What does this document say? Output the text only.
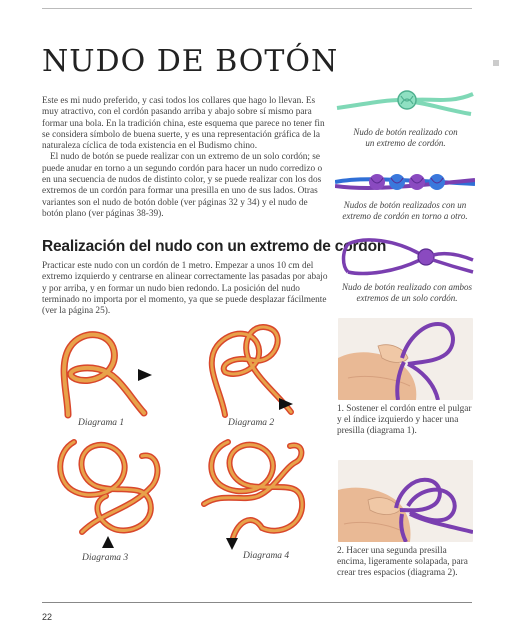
NUDO DE BOTÓN

Este es mi nudo preferido, y casi todos los collares que hago lo llevan. Es muy atractivo, con el cordón pasando arriba y abajo sobre sí mismo para formar una bola. En la tradición china, este esquema que parece no tener fin se considera símbolo de buena suerte, y es una representación gráfica de la naturaleza cíclica de toda existencia en el Budismo chino.

El nudo de botón se puede realizar con un extremo de un solo cordón; se puede anudar en torno a un segundo cordón para hacer un nudo corredizo o en una secuencia de nudos de distinto color, y se puede realizar con los dos extremos de un cordón para formar una presilla en uno de sus lados. Otras variantes son el nudo de botón doble (ver páginas 32 y 34) y el nudo de botón plano (ver páginas 38-39).

Realización del nudo con un extremo de cordón
Practicar este nudo con un cordón de 1 metro. Empezar a unos 10 cm del extremo izquierdo y centrarse en alinear correctamente las pasadas por abajo y por arriba, y en formar un nudo bien redondo. La posición del nudo terminado no importa por el momento, ya que se puede desplazar fácilmente (ver la página 25).
Nudo de botón realizado con un extremo de cordón.
Nudos de botón realizados con un extremo de cordón en torno a otro.
Nudo de botón realizado con ambos extremos de un solo cordón.
Diagrama 1	Diagrama 2
Diagrama 3	Diagrama 4
1. Sostener el cordón entre el pulgar y el índice izquierdo y hacer una presilla (diagrama 1).
2. Hacer una segunda presilla encima, ligeramente solapada, para crear tres espacios (diagrama 2).
22
